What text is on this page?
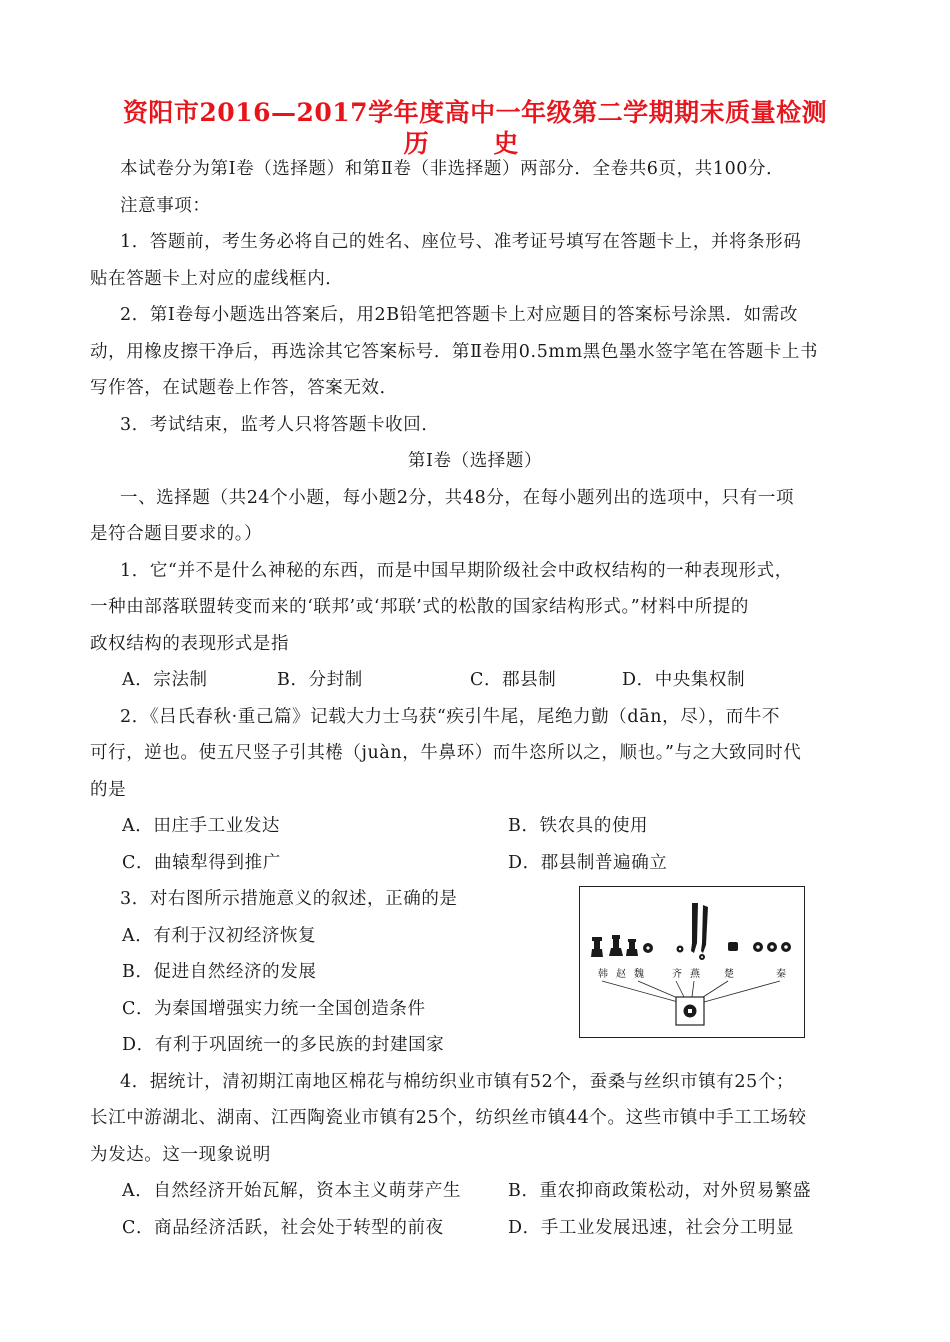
资阳市2016—2017学年度高中一年级第二学期期末质量检测
历 史
本试卷分为第Ⅰ卷（选择题）和第Ⅱ卷（非选择题）两部分．全卷共6页，共100分．
注意事项：
1．答题前，考生务必将自己的姓名、座位号、准考证号填写在答题卡上，并将条形码
贴在答题卡上对应的虚线框内．
2．第Ⅰ卷每小题选出答案后，用2B铅笔把答题卡上对应题目的答案标号涂黑．如需改
动，用橡皮擦干净后，再选涂其它答案标号．第Ⅱ卷用0.5mm黑色墨水签字笔在答题卡上书
写作答，在试题卷上作答，答案无效．
3．考试结束，监考人只将答题卡收回．
第Ⅰ卷（选择题）
一、选择题（共24个小题，每小题2分，共48分，在每小题列出的选项中，只有一项
是符合题目要求的。）
1．它“并不是什么神秘的东西，而是中国早期阶级社会中政权结构的一种表现形式，
一种由部落联盟转变而来的‘联邦’或‘邦联’式的松散的国家结构形式。”材料中所提的
政权结构的表现形式是指
A．宗法制	B．分封制	C．郡县制	D．中央集权制
2．《吕氏春秋·重己篇》记载大力士乌获“疾引牛尾，尾绝力勯（dān，尽），而牛不
可行，逆也。使五尺竖子引其棬（juàn，牛鼻环）而牛恣所以之，顺也。”与之大致同时代
的是
A．田庄手工业发达	B．铁农具的使用
C．曲辕犁得到推广	D．郡县制普遍确立
3．对右图所示措施意义的叙述，正确的是
A．有利于汉初经济恢复
B．促进自然经济的发展
C．为秦国增强实力统一全国创造条件
D．有利于巩固统一的多民族的封建国家
韩 赵 魏	齐 燕 楚	秦
4．据统计，清初期江南地区棉花与棉纺织业市镇有52个，蚕桑与丝织市镇有25个；
长江中游湖北、湖南、江西陶瓷业市镇有25个，纺织丝市镇44个。这些市镇中手工工场较
为发达。这一现象说明
A．自然经济开始瓦解，资本主义萌芽产生	B．重农抑商政策松动，对外贸易繁盛
C．商品经济活跃，社会处于转型的前夜	D．手工业发展迅速，社会分工明显
